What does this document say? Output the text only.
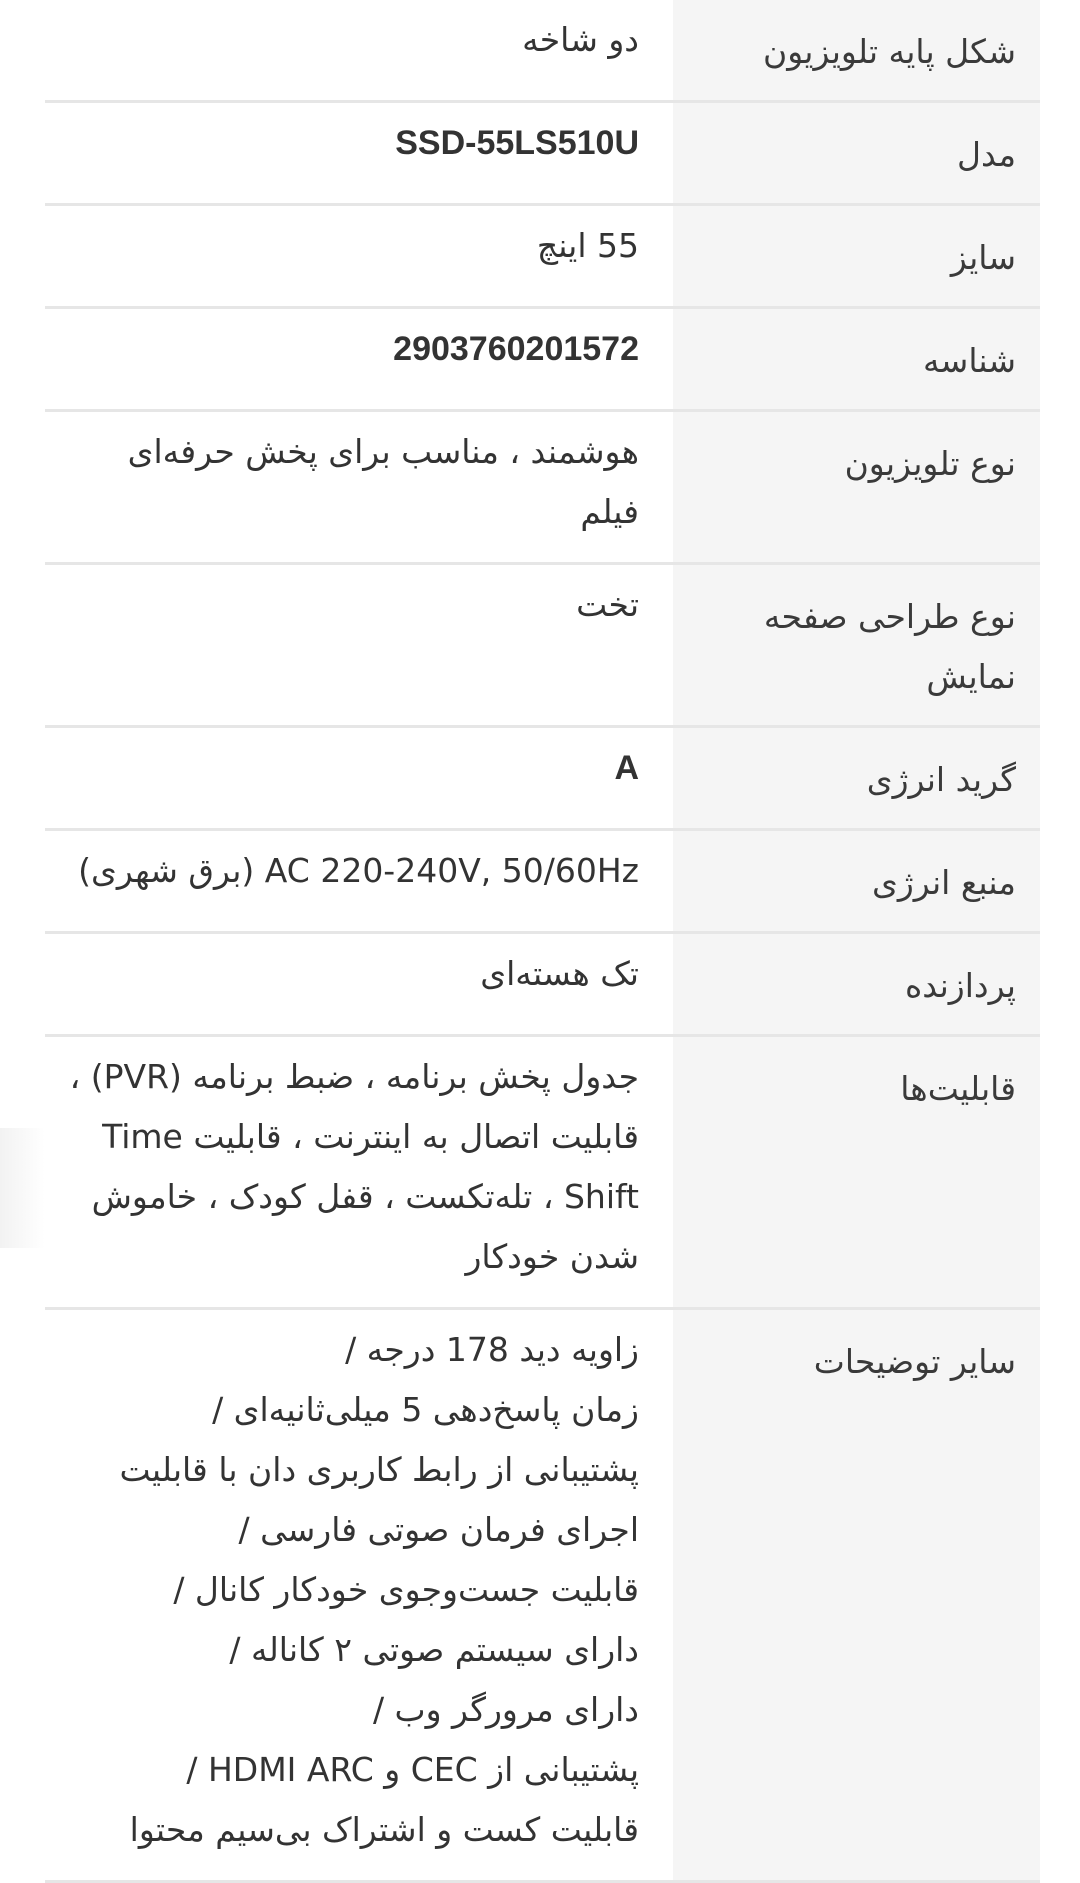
شکل پایه تلویزیون
دو شاخه
مدل
SSD-55LS510U
سایز
55 اینچ
شناسه
2903760201572
نوع تلویزیون
هوشمند ، مناسب برای پخش حرفه‌ای فیلم
نوع طراحی صفحه نمایش
تخت
گرید انرژی
A
منبع انرژی
AC 220-240V, 50/60Hz (برق شهری)
پردازنده
تک هسته‌ای
قابلیت‌ها
جدول پخش برنامه ، ضبط برنامه (PVR) ، قابلیت اتصال به اینترنت ، قابلیت Time Shift ، تله‌تکست ، قفل کودک ، خاموش شدن خودکار
سایر توضیحات
زاویه دید 178 درجه /
زمان پاسخ‌دهی 5 میلی‌ثانیه‌ای /
پشتیبانی از رابط کاربری دان با قابلیت
اجرای فرمان صوتی فارسی /
قابلیت جست‌وجوی خودکار کانال /
دارای سیستم صوتی ۲ کاناله /
دارای مرورگر وب /
پشتیبانی از CEC و HDMI ARC /
قابلیت کست و اشتراک بی‌سیم محتوا
